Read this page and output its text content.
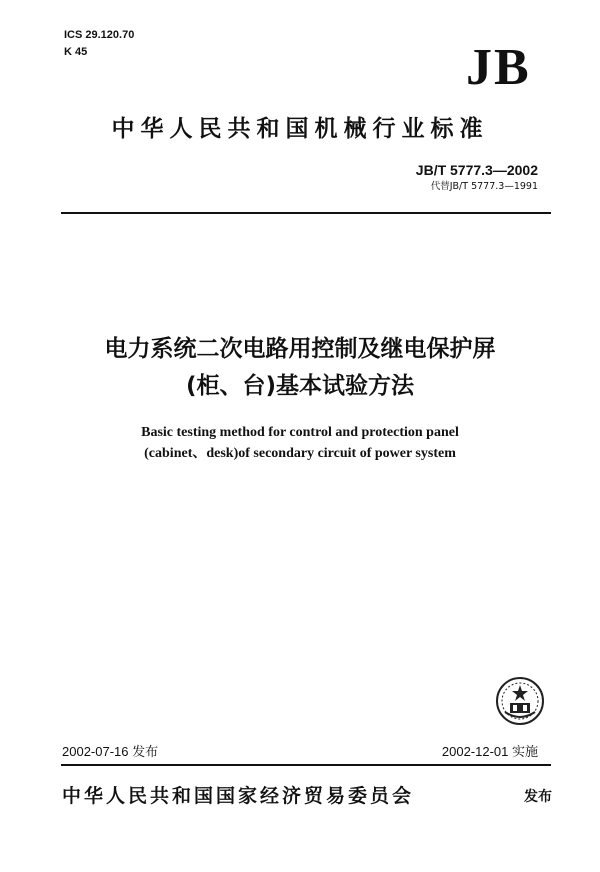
ICS 29.120.70
K 45	JB
中华人民共和国机械行业标准
JB/T 5777.3—2002
代替JB/T 5777.3—1991
电力系统二次电路用控制及继电保护屏
(柜、台)基本试验方法
Basic testing method for control and protection panel
(cabinet、desk)of secondary circuit of power system
2002-07-16 发布	2002-12-01 实施
中华人民共和国国家经济贸易委员会	发布
